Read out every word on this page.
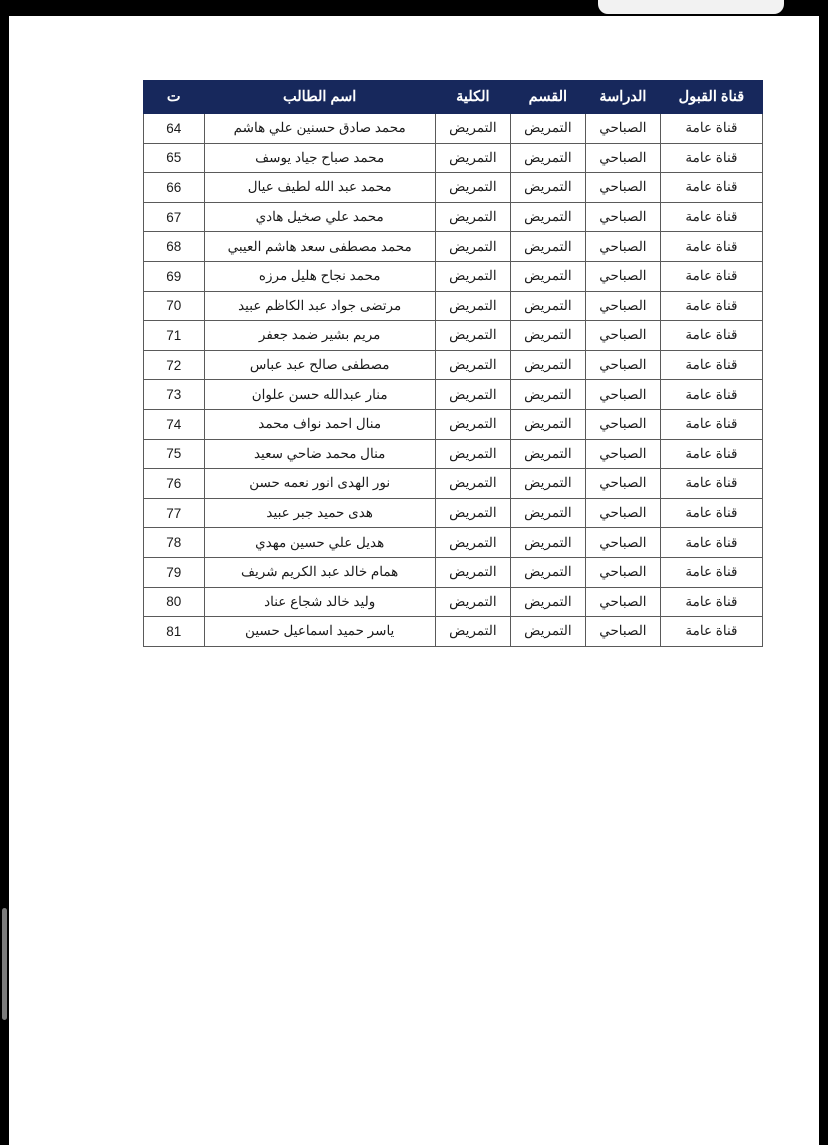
قناة القبول	الدراسة	القسم	الكلية	اسم الطالب	ت
قناة عامة	الصباحي	التمريض	التمريض	محمد صادق حسنين علي هاشم	64
قناة عامة	الصباحي	التمريض	التمريض	محمد صباح جياد يوسف	65
قناة عامة	الصباحي	التمريض	التمريض	محمد عبد الله لطيف عيال	66
قناة عامة	الصباحي	التمريض	التمريض	محمد علي صخيل هادي	67
قناة عامة	الصباحي	التمريض	التمريض	محمد مصطفى سعد هاشم العيبي	68
قناة عامة	الصباحي	التمريض	التمريض	محمد نجاح هليل مرزه	69
قناة عامة	الصباحي	التمريض	التمريض	مرتضى جواد عبد الكاظم عبيد	70
قناة عامة	الصباحي	التمريض	التمريض	مريم بشير ضمد جعفر	71
قناة عامة	الصباحي	التمريض	التمريض	مصطفى صالح عبد عباس	72
قناة عامة	الصباحي	التمريض	التمريض	منار عبدالله حسن علوان	73
قناة عامة	الصباحي	التمريض	التمريض	منال احمد نواف محمد	74
قناة عامة	الصباحي	التمريض	التمريض	منال محمد ضاحي سعيد	75
قناة عامة	الصباحي	التمريض	التمريض	نور الهدى انور نعمه حسن	76
قناة عامة	الصباحي	التمريض	التمريض	هدى حميد جبر عبيد	77
قناة عامة	الصباحي	التمريض	التمريض	هديل علي حسين مهدي	78
قناة عامة	الصباحي	التمريض	التمريض	همام خالد عبد الكريم شريف	79
قناة عامة	الصباحي	التمريض	التمريض	وليد خالد شجاع عناد	80
قناة عامة	الصباحي	التمريض	التمريض	ياسر حميد اسماعيل حسين	81
